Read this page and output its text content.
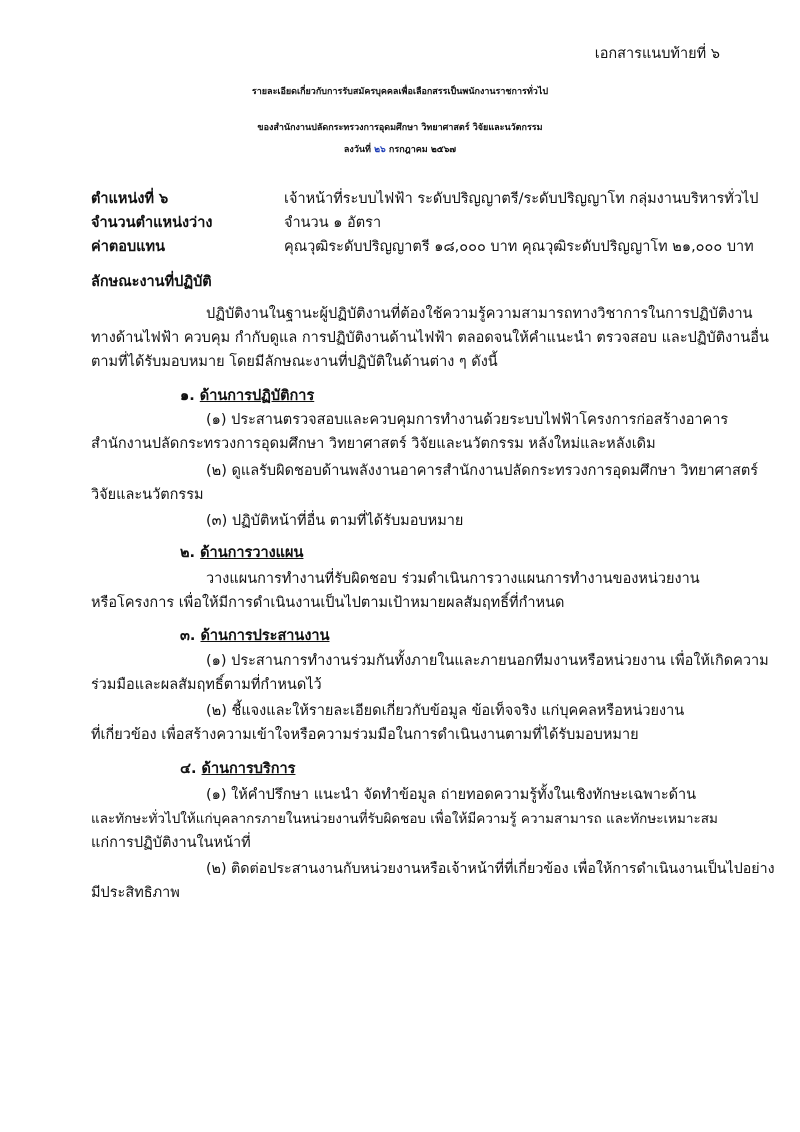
เอกสารแนบท้ายที่ ๖
รายละเอียดเกี่ยวกับการรับสมัครบุคคลเพื่อเลือกสรรเป็นพนักงานราชการทั่วไป
ของสำนักงานปลัดกระทรวงการอุดมศึกษา วิทยาศาสตร์ วิจัยและนวัตกรรม
ลงวันที่ ๒๖ กรกฎาคม ๒๕๖๗
ตำแหน่งที่ ๖	เจ้าหน้าที่ระบบไฟฟ้า ระดับปริญญาตรี/ระดับปริญญาโท กลุ่มงานบริหารทั่วไป
จำนวนตำแหน่งว่าง	จำนวน ๑ อัตรา
ค่าตอบแทน	คุณวุฒิระดับปริญญาตรี ๑๘,๐๐๐ บาท คุณวุฒิระดับปริญญาโท ๒๑,๐๐๐ บาท
ลักษณะงานที่ปฏิบัติ
ปฏิบัติงานในฐานะผู้ปฏิบัติงานที่ต้องใช้ความรู้ความสามารถทางวิชาการในการปฏิบัติงาน
ทางด้านไฟฟ้า ควบคุม กำกับดูแล การปฏิบัติงานด้านไฟฟ้า ตลอดจนให้คำแนะนำ ตรวจสอบ และปฏิบัติงานอื่น
ตามที่ได้รับมอบหมาย โดยมีลักษณะงานที่ปฏิบัติในด้านต่าง ๆ ดังนี้
๑. ด้านการปฏิบัติการ
(๑) ประสานตรวจสอบและควบคุมการทำงานด้วยระบบไฟฟ้าโครงการก่อสร้างอาคาร
สำนักงานปลัดกระทรวงการอุดมศึกษา วิทยาศาสตร์ วิจัยและนวัตกรรม หลังใหม่และหลังเดิม
(๒) ดูแลรับผิดชอบด้านพลังงานอาคารสำนักงานปลัดกระทรวงการอุดมศึกษา วิทยาศาสตร์
วิจัยและนวัตกรรม
(๓) ปฏิบัติหน้าที่อื่น ตามที่ได้รับมอบหมาย
๒. ด้านการวางแผน
วางแผนการทำงานที่รับผิดชอบ ร่วมดำเนินการวางแผนการทำงานของหน่วยงาน
หรือโครงการ เพื่อให้มีการดำเนินงานเป็นไปตามเป้าหมายผลสัมฤทธิ์ที่กำหนด
๓. ด้านการประสานงาน
(๑) ประสานการทำงานร่วมกันทั้งภายในและภายนอกทีมงานหรือหน่วยงาน เพื่อให้เกิดความ
ร่วมมือและผลสัมฤทธิ์ตามที่กำหนดไว้
(๒) ชี้แจงและให้รายละเอียดเกี่ยวกับข้อมูล ข้อเท็จจริง แก่บุคคลหรือหน่วยงาน
ที่เกี่ยวข้อง เพื่อสร้างความเข้าใจหรือความร่วมมือในการดำเนินงานตามที่ได้รับมอบหมาย
๔. ด้านการบริการ
(๑) ให้คำปรึกษา แนะนำ จัดทำข้อมูล ถ่ายทอดความรู้ทั้งในเชิงทักษะเฉพาะด้าน
และทักษะทั่วไปให้แก่บุคลากรภายในหน่วยงานที่รับผิดชอบ เพื่อให้มีความรู้ ความสามารถ และทักษะเหมาะสม
แก่การปฏิบัติงานในหน้าที่
(๒) ติดต่อประสานงานกับหน่วยงานหรือเจ้าหน้าที่ที่เกี่ยวข้อง เพื่อให้การดำเนินงานเป็นไปอย่าง
มีประสิทธิภาพ
